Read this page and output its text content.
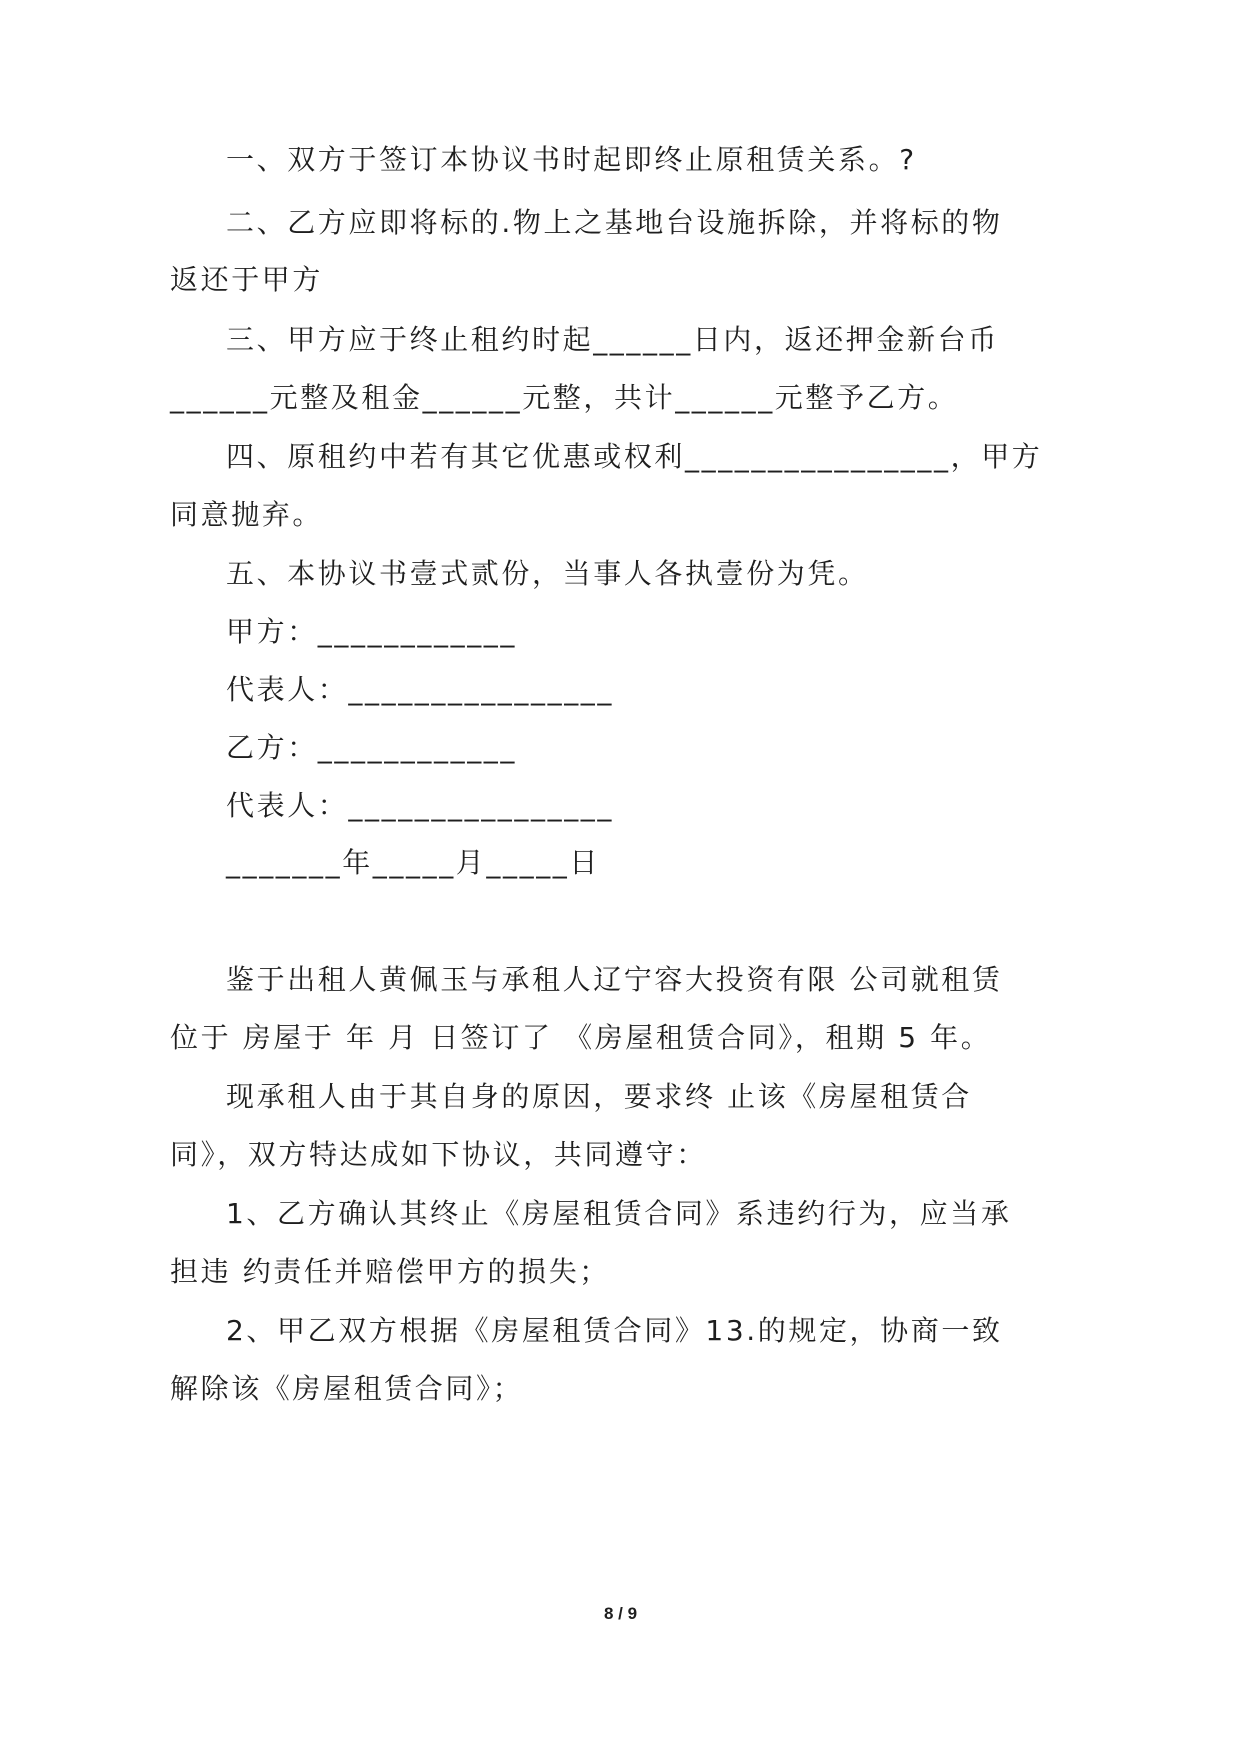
一、双方于签订本协议书时起即终止原租赁关系。?
二、乙方应即将标的.物上之基地台设施拆除，并将标的物
返还于甲方
三、甲方应于终止租约时起______日内，返还押金新台币
______元整及租金______元整，共计______元整予乙方。
四、原租约中若有其它优惠或权利________________，甲方
同意抛弃。
五、本协议书壹式贰份，当事人各执壹份为凭。
甲方：____________
代表人：________________
乙方：____________
代表人：________________
_______年_____月_____日
鉴于出租人黄佩玉与承租人辽宁容大投资有限 公司就租赁
位于 房屋于 年 月 日签订了 《房屋租赁合同》，租期 5 年。
现承租人由于其自身的原因，要求终 止该《房屋租赁合
同》，双方特达成如下协议，共同遵守：
1、乙方确认其终止《房屋租赁合同》系违约行为，应当承
担违 约责任并赔偿甲方的损失；
2、甲乙双方根据《房屋租赁合同》13.的规定，协商一致
解除该《房屋租赁合同》；
8 / 9
